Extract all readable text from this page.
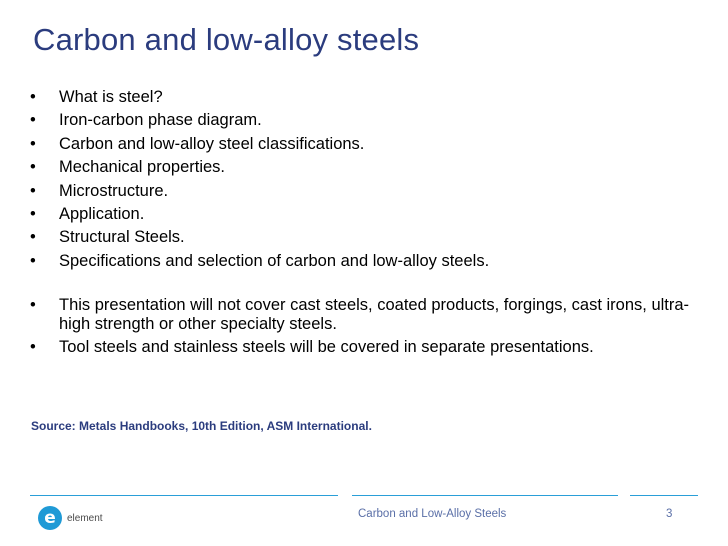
Carbon and low-alloy steels
• What is steel?
• Iron-carbon phase diagram.
• Carbon and low-alloy steel classifications.
• Mechanical properties.
• Microstructure.
• Application.
• Structural Steels.
• Specifications and selection of carbon and low-alloy steels.
• This presentation will not cover cast steels, coated products, forgings, cast irons, ultra-high strength or other specialty steels.
• Tool steels and stainless steels will be covered in separate presentations.
Source: Metals Handbooks, 10th Edition, ASM International.
e	element	Carbon and Low-Alloy Steels	3
